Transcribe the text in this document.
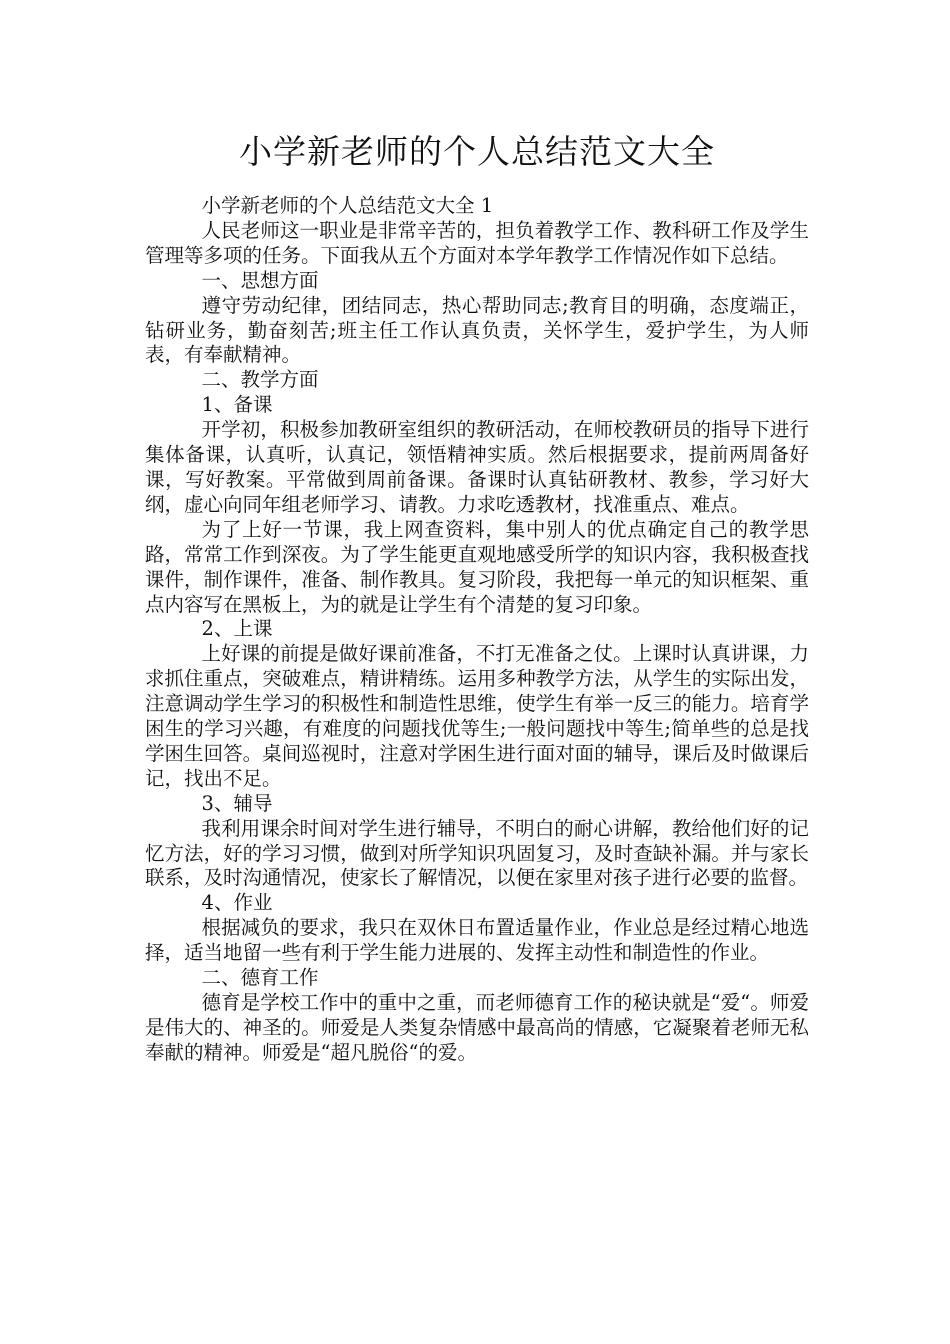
小学新老师的个人总结范文大全

小学新老师的个人总结范文大全 1

人民老师这一职业是非常辛苦的，担负着教学工作、教科研工作及学生管理等多项的任务。下面我从五个方面对本学年教学工作情况作如下总结。

一、思想方面

遵守劳动纪律，团结同志，热心帮助同志;教育目的明确，态度端正，钻研业务，勤奋刻苦;班主任工作认真负责，关怀学生，爱护学生，为人师表，有奉献精神。

二、教学方面

1、备课

开学初，积极参加教研室组织的教研活动，在师校教研员的指导下进行集体备课，认真听，认真记，领悟精神实质。然后根据要求，提前两周备好课，写好教案。平常做到周前备课。备课时认真钻研教材、教参，学习好大纲，虚心向同年组老师学习、请教。力求吃透教材，找准重点、难点。

为了上好一节课，我上网查资料，集中别人的优点确定自己的教学思路，常常工作到深夜。为了学生能更直观地感受所学的知识内容，我积极查找课件，制作课件，准备、制作教具。复习阶段，我把每一单元的知识框架、重点内容写在黑板上，为的就是让学生有个清楚的复习印象。

2、上课

上好课的前提是做好课前准备，不打无准备之仗。上课时认真讲课，力求抓住重点，突破难点，精讲精练。运用多种教学方法，从学生的实际出发，注意调动学生学习的积极性和制造性思维，使学生有举一反三的能力。培育学困生的学习兴趣，有难度的问题找优等生;一般问题找中等生;简单些的总是找学困生回答。桌间巡视时，注意对学困生进行面对面的辅导，课后及时做课后记，找出不足。

3、辅导

我利用课余时间对学生进行辅导，不明白的耐心讲解，教给他们好的记忆方法，好的学习习惯，做到对所学知识巩固复习，及时查缺补漏。并与家长联系，及时沟通情况，使家长了解情况，以便在家里对孩子进行必要的监督。

4、作业

根据减负的要求，我只在双休日布置适量作业，作业总是经过精心地选择，适当地留一些有利于学生能力进展的、发挥主动性和制造性的作业。

二、德育工作

德育是学校工作中的重中之重，而老师德育工作的秘诀就是“爱“。师爱是伟大的、神圣的。师爱是人类复杂情感中最高尚的情感，它凝聚着老师无私奉献的精神。师爱是“超凡脱俗“的爱。
